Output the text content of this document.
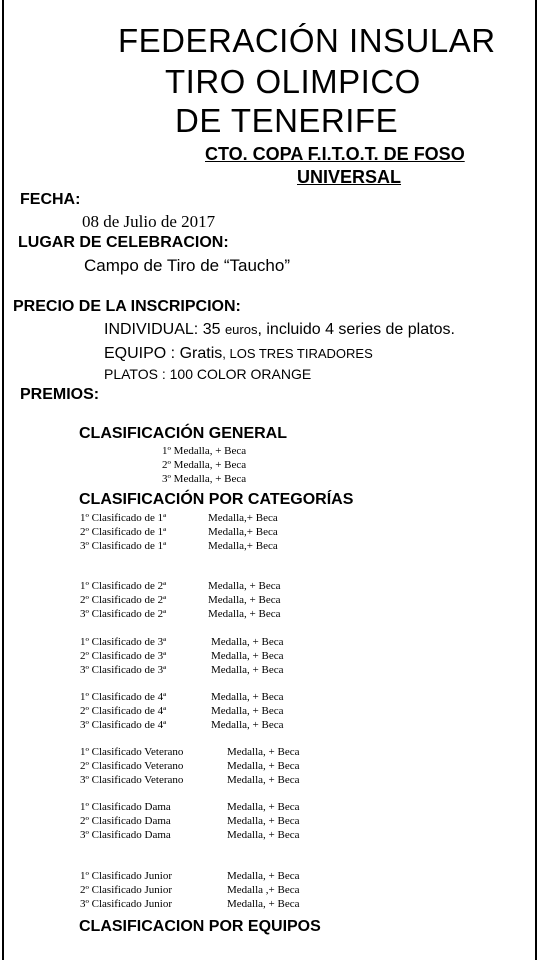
FEDERACIÓN INSULAR
TIRO OLIMPICO
DE TENERIFE
CTO. COPA F.I.T.O.T. DE FOSO
UNIVERSAL
FECHA:
08 de Julio de 2017
LUGAR DE CELEBRACION:
Campo de Tiro de “Taucho”
PRECIO DE LA INSCRIPCION:
INDIVIDUAL: 35 euros, incluido 4 series de platos.
EQUIPO : Gratis, LOS TRES TIRADORES
PLATOS : 100 COLOR ORANGE
PREMIOS:
CLASIFICACIÓN GENERAL
1º Medalla, + Beca
2º Medalla, + Beca
3º Medalla, + Beca
CLASIFICACIÓN POR CATEGORÍAS
1º Clasificado de 1ª	Medalla,+ Beca
2º Clasificado de 1ª	Medalla,+ Beca
3º Clasificado de 1ª	Medalla,+ Beca
1º Clasificado de 2ª	Medalla, + Beca
2º Clasificado de 2ª	Medalla, + Beca
3º Clasificado de 2ª	Medalla, + Beca
1º Clasificado de 3ª	Medalla, + Beca
2º Clasificado de 3ª	Medalla, + Beca
3º Clasificado de 3ª	Medalla, + Beca
1º Clasificado de 4ª	Medalla, + Beca
2º Clasificado de 4ª	Medalla, + Beca
3º Clasificado de 4ª	Medalla, + Beca
1º Clasificado Veterano	Medalla, + Beca
2º Clasificado Veterano	Medalla, + Beca
3º Clasificado Veterano	Medalla, + Beca
1º Clasificado Dama	Medalla, + Beca
2º Clasificado Dama	Medalla, + Beca
3º Clasificado Dama	Medalla, + Beca
1º Clasificado Junior	Medalla, + Beca
2º Clasificado Junior	Medalla ,+ Beca
3º Clasificado Junior	Medalla, + Beca
CLASIFICACION POR EQUIPOS
